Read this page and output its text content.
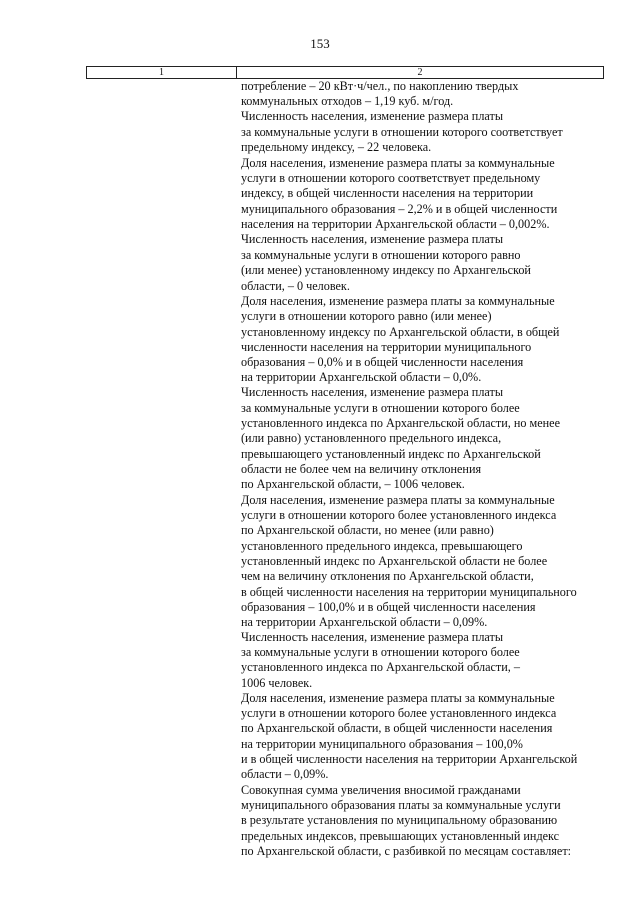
153
1	2
потребление – 20 кВт·ч/чел., по накоплению твердых
коммунальных отходов – 1,19 куб. м/год.
Численность населения, изменение размера платы
за коммунальные услуги в отношении которого соответствует
предельному индексу, – 22 человека.
Доля населения, изменение размера платы за коммунальные
услуги в отношении которого соответствует предельному
индексу, в общей численности населения на территории
муниципального образования – 2,2% и в общей численности
населения на территории Архангельской области – 0,002%.
Численность населения, изменение размера платы
за коммунальные услуги в отношении которого равно
(или менее) установленному индексу по Архангельской
области, – 0 человек.
Доля населения, изменение размера платы за коммунальные
услуги в отношении которого равно (или менее)
установленному индексу по Архангельской области, в общей
численности населения на территории муниципального
образования – 0,0% и в общей численности населения
на территории Архангельской области – 0,0%.
Численность населения, изменение размера платы
за коммунальные услуги в отношении которого более
установленного индекса по Архангельской области, но менее
(или равно) установленного предельного индекса,
превышающего установленный индекс по Архангельской
области не более чем на величину отклонения
по Архангельской области, – 1006 человек.
Доля населения, изменение размера платы за коммунальные
услуги в отношении которого более установленного индекса
по Архангельской области, но менее (или равно)
установленного предельного индекса, превышающего
установленный индекс по Архангельской области не более
чем на величину отклонения по Архангельской области,
в общей численности населения на территории муниципального
образования – 100,0% и в общей численности населения
на территории Архангельской области – 0,09%.
Численность населения, изменение размера платы
за коммунальные услуги в отношении которого более
установленного индекса по Архангельской области, –
1006 человек.
Доля населения, изменение размера платы за коммунальные
услуги в отношении которого более установленного индекса
по Архангельской области, в общей численности населения
на территории муниципального образования – 100,0%
и в общей численности населения на территории Архангельской
области – 0,09%.
Совокупная сумма увеличения вносимой гражданами
муниципального образования платы за коммунальные услуги
в результате установления по муниципальному образованию
предельных индексов, превышающих установленный индекс
по Архангельской области, с разбивкой по месяцам составляет:
